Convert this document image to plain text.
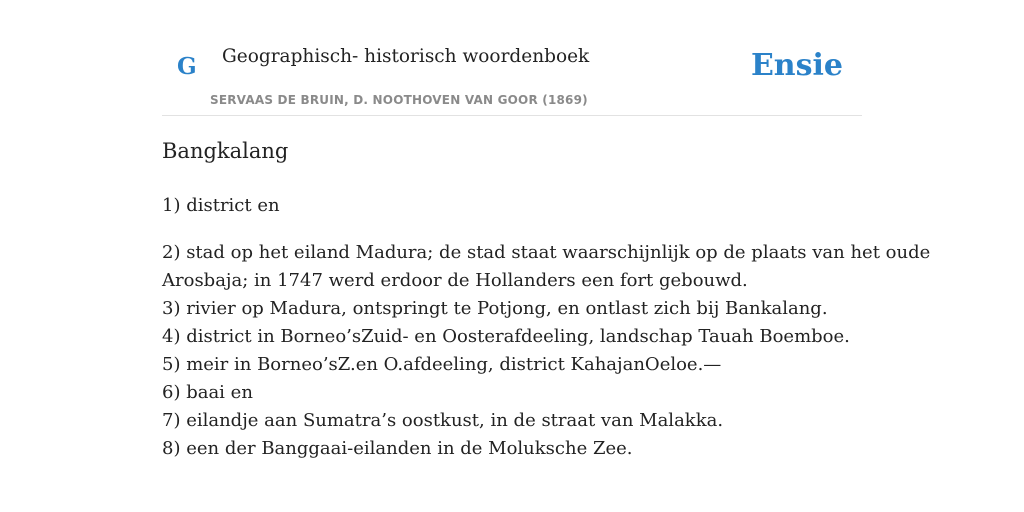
G Geographisch- historisch woordenboek
SERVAAS DE BRUIN, D. NOOTHOVEN VAN GOOR (1869)
Ensie
Bangkalang

1) district en

2) stad op het eiland Madura; de stad staat waarschijnlijk op de plaats van het oude
Arosbaja; in 1747 werd erdoor de Hollanders een fort gebouwd.
3) rivier op Madura, ontspringt te Potjong, en ontlast zich bij Bankalang.
4) district in Borneo’sZuid- en Oosterafdeeling, landschap Tauah Boemboe.
5) meir in Borneo’sZ.en O.afdeeling, district KahajanOeloe.—
6) baai en
7) eilandje aan Sumatra’s oostkust, in de straat van Malakka.
8) een der Banggaai-eilanden in de Moluksche Zee.
